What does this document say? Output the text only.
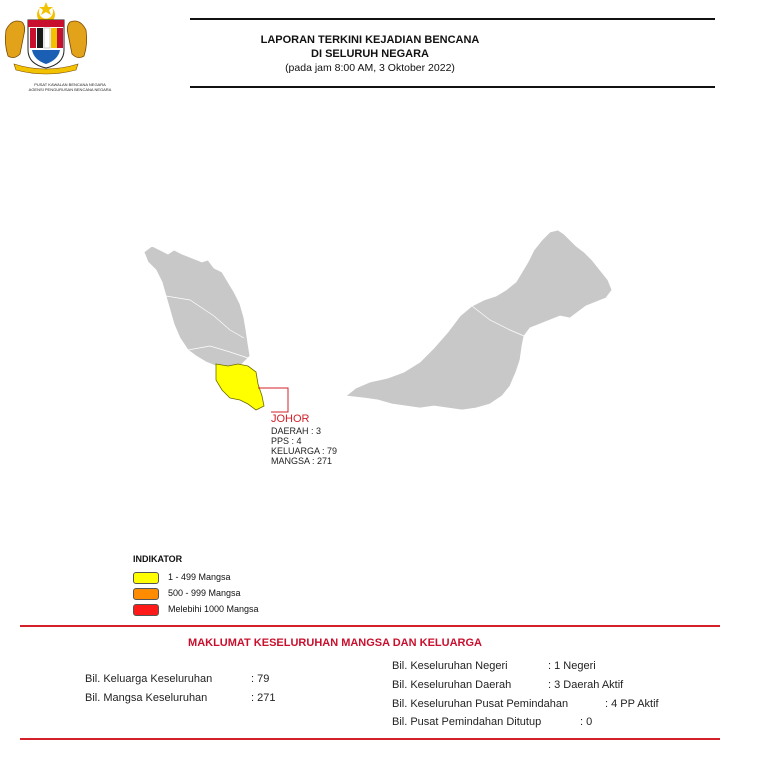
PUSAT KAWALAN BENCANA NEGARA
AGENSI PENGURUSAN BENCANA NEGARA
LAPORAN TERKINI KEJADIAN BENCANA
DI SELURUH NEGARA
(pada jam 8:00 AM, 3 Oktober 2022)
JOHOR
DAERAH : 3
PPS : 4
KELUARGA : 79
MANGSA : 271
INDIKATOR
1 - 499 Mangsa
500 - 999 Mangsa
Melebihi 1000 Mangsa
MAKLUMAT KESELURUHAN MANGSA DAN KELUARGA
Bil. Keluarga Keseluruhan	: 79
Bil. Mangsa Keseluruhan	: 271
Bil. Keseluruhan Negeri	: 1 Negeri
Bil. Keseluruhan Daerah	: 3 Daerah Aktif
Bil. Keseluruhan Pusat Pemindahan	: 4 PP Aktif
Bil. Pusat Pemindahan Ditutup	: 0
